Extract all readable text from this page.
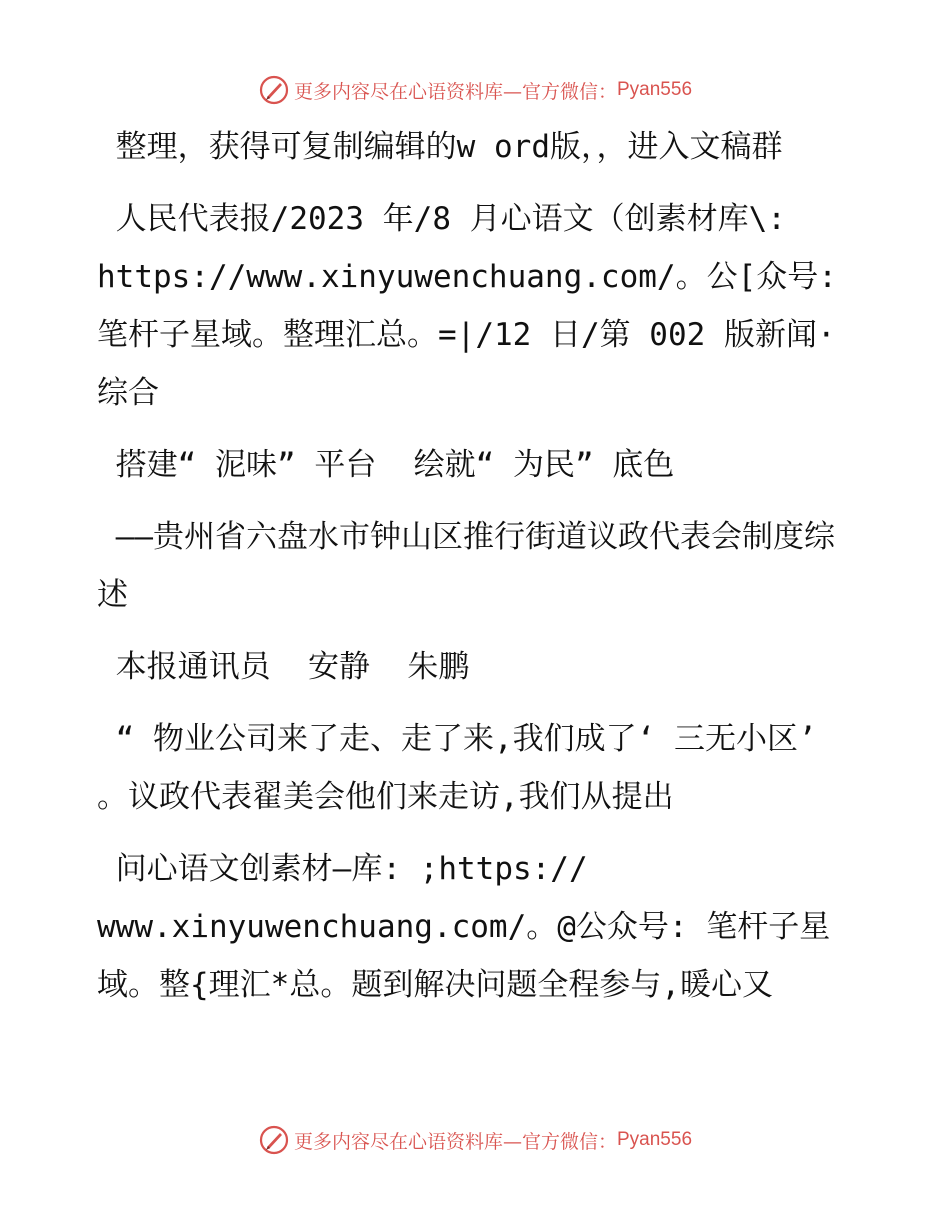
更多内容尽在心语资料库—官方微信： Pyan556

整理，获得可复制编辑的w ord版，，进入文稿群

人民代表报/2023 年/8 月心语文（创素材库\: https://www.xinyuwenchuang.com/。公[众号: 笔杆子星域。整理汇总。=|/12 日/第 002 版新闻·综合

搭建“ 泥味” 平台  绘就“ 为民” 底色

——贵州省六盘水市钟山区推行街道议政代表会制度综述

本报通讯员  安静  朱鹏

“ 物业公司来了走、走了来,我们成了‘ 三无小区’ 。议政代表翟美会他们来走访,我们从提出

问心语文创素材—库: ;https:// www.xinyuwenchuang.com/。@公众号: 笔杆子星域。整{理汇*总。题到解决问题全程参与,暖心又

更多内容尽在心语资料库—官方微信： Pyan556
